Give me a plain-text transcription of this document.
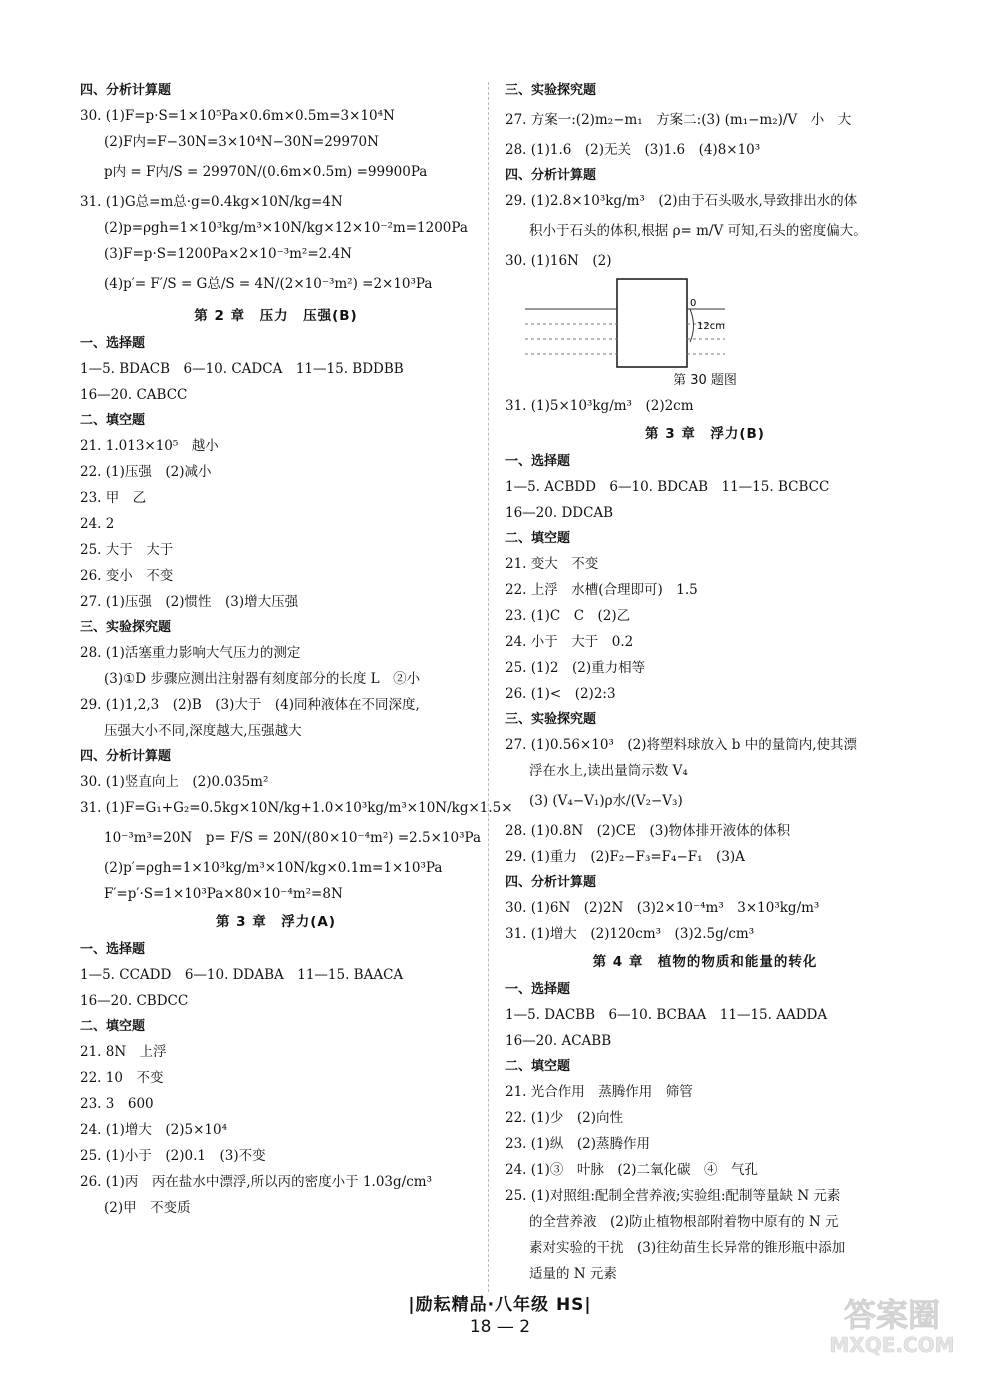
四、分析计算题
30. (1)F=p·S=1×10⁵Pa×0.6m×0.5m=3×10⁴N
(2)F内=F−30N=3×10⁴N−30N=29970N
p内 = F内/S = 29970N/(0.6m×0.5m) =99900Pa
31. (1)G总=m总·g=0.4kg×10N/kg=4N
(2)p=ρgh=1×10³kg/m³×10N/kg×12×10⁻²m=1200Pa
(3)F=p·S=1200Pa×2×10⁻³m²=2.4N
(4)p′= F′/S = G总/S = 4N/(2×10⁻³m²) =2×10³Pa
第 2 章　压力　压强(B)
一、选择题
1—5. BDACB　6—10. CADCA　11—15. BDDBB
16—20. CABCC
二、填空题
21. 1.013×10⁵　越小
22. (1)压强　(2)减小
23. 甲　乙
24. 2
25. 大于　大于
26. 变小　不变
27. (1)压强　(2)惯性　(3)增大压强
三、实验探究题
28. (1)活塞重力影响大气压力的测定
(3)①D 步骤应测出注射器有刻度部分的长度 L　②小
29. (1)1,2,3　(2)B　(3)大于　(4)同种液体在不同深度,
压强大小不同,深度越大,压强越大
四、分析计算题
30. (1)竖直向上　(2)0.035m²
31. (1)F=G₁+G₂=0.5kg×10N/kg+1.0×10³kg/m³×10N/kg×1.5×
10⁻³m³=20N　p= F/S = 20N/(80×10⁻⁴m²) =2.5×10³Pa
(2)p′=ρgh=1×10³kg/m³×10N/kg×0.1m=1×10³Pa
F′=p′·S=1×10³Pa×80×10⁻⁴m²=8N
第 3 章　浮力(A)
一、选择题
1—5. CCADD　6—10. DDABA　11—15. BAACA
16—20. CBDCC
二、填空题
21. 8N　上浮
22. 10　不变
23. 3　600
24. (1)增大　(2)5×10⁴
25. (1)小于　(2)0.1　(3)不变
26. (1)丙　丙在盐水中漂浮,所以丙的密度小于 1.03g/cm³
(2)甲　不变质
三、实验探究题
27. 方案一:(2)m₂−m₁　方案二:(3) (m₁−m₂)/V　小　大
28. (1)1.6　(2)无关　(3)1.6　(4)8×10³
四、分析计算题
29. (1)2.8×10³kg/m³　(2)由于石头吸水,导致排出水的体
积小于石头的体积,根据 ρ= m/V 可知,石头的密度偏大。
30. (1)16N　(2)
0
12cm
第 30 题图
31. (1)5×10³kg/m³　(2)2cm
第 3 章　浮力(B)
一、选择题
1—5. ACBDD　6—10. BDCAB　11—15. BCBCC
16—20. DDCAB
二、填空题
21. 变大　不变
22. 上浮　水槽(合理即可)　1.5
23. (1)C　C　(2)乙
24. 小于　大于　0.2
25. (1)2　(2)重力相等
26. (1)<　(2)2:3
三、实验探究题
27. (1)0.56×10³　(2)将塑料球放入 b 中的量筒内,使其漂
浮在水上,读出量筒示数 V₄
(3) (V₄−V₁)ρ水/(V₂−V₃)
28. (1)0.8N　(2)CE　(3)物体排开液体的体积
29. (1)重力　(2)F₂−F₃=F₄−F₁　(3)A
四、分析计算题
30. (1)6N　(2)2N　(3)2×10⁻⁴m³　3×10³kg/m³
31. (1)增大　(2)120cm³　(3)2.5g/cm³
第 4 章　植物的物质和能量的转化
一、选择题
1—5. DACBB　6—10. BCBAA　11—15. AADDA
16—20. ACABB
二、填空题
21. 光合作用　蒸腾作用　筛管
22. (1)少　(2)向性
23. (1)纵　(2)蒸腾作用
24. (1)③　叶脉　(2)二氧化碳　④　气孔
25. (1)对照组:配制全营养液;实验组:配制等量缺 N 元素
的全营养液　(2)防止植物根部附着物中原有的 N 元
素对实验的干扰　(3)往幼苗生长异常的锥形瓶中添加
适量的 N 元素
|励耘精品·八年级 HS|
18 — 2	答案圈
MXQE.COM
